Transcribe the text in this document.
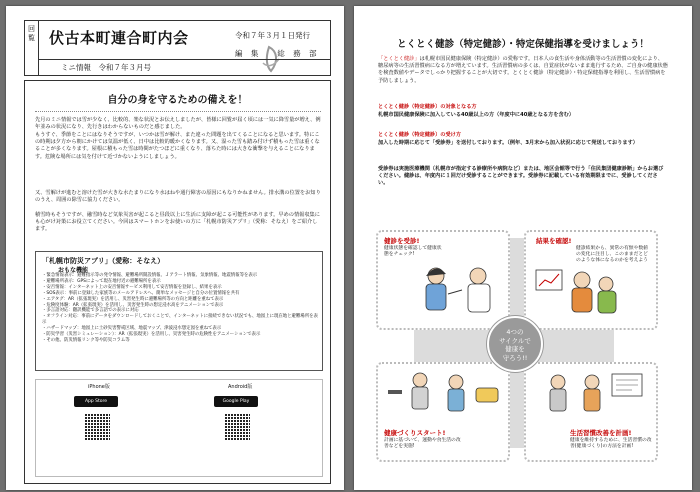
回 覧 伏古本町連合町内会	令和７年３月１日発行
編 集　 総 務 部
ミニ情報　令和７年３月号
自分の身を守るための備えを！
先月のミニ情報では雪が少なく、比較的、楽な状況とお伝えしましたが、皆様に回覧が届く頃には一気に降雪量が増え、例年並みの状況になり、先行きはわからないものだと感じました。
もうすぐ、季節をことにはなりそうですが、いつかは雪が解け、また違った問題を出てくることになると思います。特にこの時期は夕方から朝にかけては気温が低く、日中は比較的暖かくなります。又、湿った雪も踏み付けず積もった雪は重くなることが多くなります。屋根に積もった雪は時間がたつほどに重くなり、落ちた時には大きな衝撃を与えることになります。危険な場所には気を付けて近づかないようにしましょう。
又、雪解けが進むと溶けた雪が大きな水たまりになり水はねや通行障害の原因にもなりかねません。排水溝の位置をお知りのうえ、周囲の除雪に協力ください。
積雪時もそうですが、融雪時など気象災害が起こると昼段以上に生活に支障が起こる可能性があります。早めの情報収集にも心がけ対策にお役立てください。今回はスマートホンをお使いの方に「札幌市防災アプリ」（愛称：そなえ）をご紹介します。
「札幌市防災アプリ」（愛称：そなえ）
おもな機能
・緊急情報表示：避難指示等の発令情報、避難場所開設情報、Ｊアラート情報、気象情報、地震情報等を表示
・避難場所表示：GPSによって現在地付近の避難場所を表示
・安否情報：インターネット上の安否情報サービス利用して安否情報を登録し、結果を表示
・SOS表示：事前に登録した家族等のメールアドレスへ、簡単なメッセージと自分の位置情報を共有
・エアタグ：AR（拡張現実）を活用し、災害発生時に避難場所等の方向と距離を重ねて表示
・危険度体験：AR（拡張現実）を活用し、災害発生時の想定浸水高をアニメーションで表示
・多言語対応：翻訳機能で多言語での表示に対応
・オフライン対応：事前にデータをダウンロードしておくことで、インターネットに接続できない状況でも、地図上に現在地と避難場所を表示
・ハザードマップ：地図上に土砂災害警戒区域、地震マップ、津波浸水想定図を重ねて表示
・防災学習（災害シミュレーション）：AR（拡張現実）を活用し、災害発生時の危険性をアニメーションで表示
・その他、防災情報リンク等や防災コラム等
iPhone版	Android版
App Store	Google Play
とくとく健診（特定健診）・特定保健指導を受けましょう！
「とくとく健診」は札幌市国民健康保険（特定健診）の愛称です。日本人の食生活や身体活動等の生活習慣の変化により、糖尿病等の生活習慣病になる方が増えています。生活習慣病の多くは、自覚症状がないまま進行するため、ご自身の健康状態を検査数値やデータでしっかり把握することが大切です。とくとく健診（特定健診）・特定保健指導を利用し、生活習慣病を予防しましょう。
とくとく健診（特定健診）の対象となる方
札幌市国民健康保険に加入している40歳以上の方（年度中に40歳となる方を含む）
とくとく健診（特定健診）の受け方
加入した時期に応じて「受診券」を送付しております。（例年、3月末から加入状況に応じて発送しております）
受診券は実施医療機関（札幌市が指定する診療所や病院など）または、地区会館等で行う「住民集団健康診断」からお選びください。健診は、年度内に１回だけ受診することができます。受診券に記載している有効期限までに、受診してください。
健診を受診!
健康状態を確認して健康状態をチェック!
結果を確認!
健診結果から、異常の有無や数値の変化に注目し、このままだとどのような体になるのかを考えよう
健康づくりスタート!
計画に基づいて、運動や食生活の改善などを実施!
生活習慣改善を計画!
健康を維持するために、生活習慣の改善(健康づくり)の方法を計画!
4つの
サイクルで
健康を
守ろう!!
